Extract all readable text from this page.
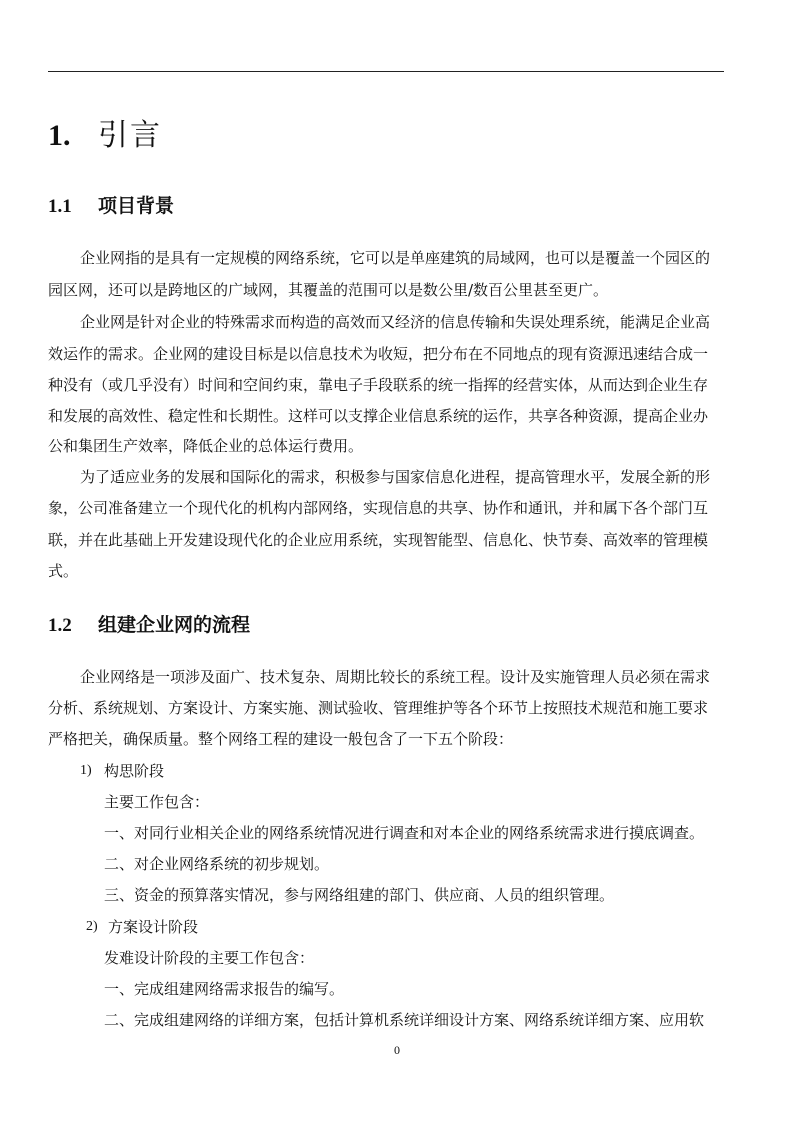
1. 引言
1.1 项目背景
企业网指的是具有一定规模的网络系统，它可以是单座建筑的局域网，也可以是覆盖一个园区的
园区网，还可以是跨地区的广域网，其覆盖的范围可以是数公里/数百公里甚至更广。
企业网是针对企业的特殊需求而构造的高效而又经济的信息传输和失误处理系统，能满足企业高
效运作的需求。企业网的建设目标是以信息技术为收短，把分布在不同地点的现有资源迅速结合成一
种没有（或几乎没有）时间和空间约束，靠电子手段联系的统一指挥的经营实体，从而达到企业生存
和发展的高效性、稳定性和长期性。这样可以支撑企业信息系统的运作，共享各种资源，提高企业办
公和集团生产效率，降低企业的总体运行费用。
为了适应业务的发展和国际化的需求，积极参与国家信息化进程，提高管理水平，发展全新的形
象，公司准备建立一个现代化的机构内部网络，实现信息的共享、协作和通讯，并和属下各个部门互
联，并在此基础上开发建设现代化的企业应用系统，实现智能型、信息化、快节奏、高效率的管理模
式。
1.2 组建企业网的流程
企业网络是一项涉及面广、技术复杂、周期比较长的系统工程。设计及实施管理人员必须在需求
分析、系统规划、方案设计、方案实施、测试验收、管理维护等各个环节上按照技术规范和施工要求
严格把关，确保质量。整个网络工程的建设一般包含了一下五个阶段：
1) 构思阶段
主要工作包含：
一、对同行业相关企业的网络系统情况进行调查和对本企业的网络系统需求进行摸底调查。
二、对企业网络系统的初步规划。
三、资金的预算落实情况，参与网络组建的部门、供应商、人员的组织管理。
2) 方案设计阶段
发难设计阶段的主要工作包含：
一、完成组建网络需求报告的编写。
二、完成组建网络的详细方案，包括计算机系统详细设计方案、网络系统详细方案、应用软
0
